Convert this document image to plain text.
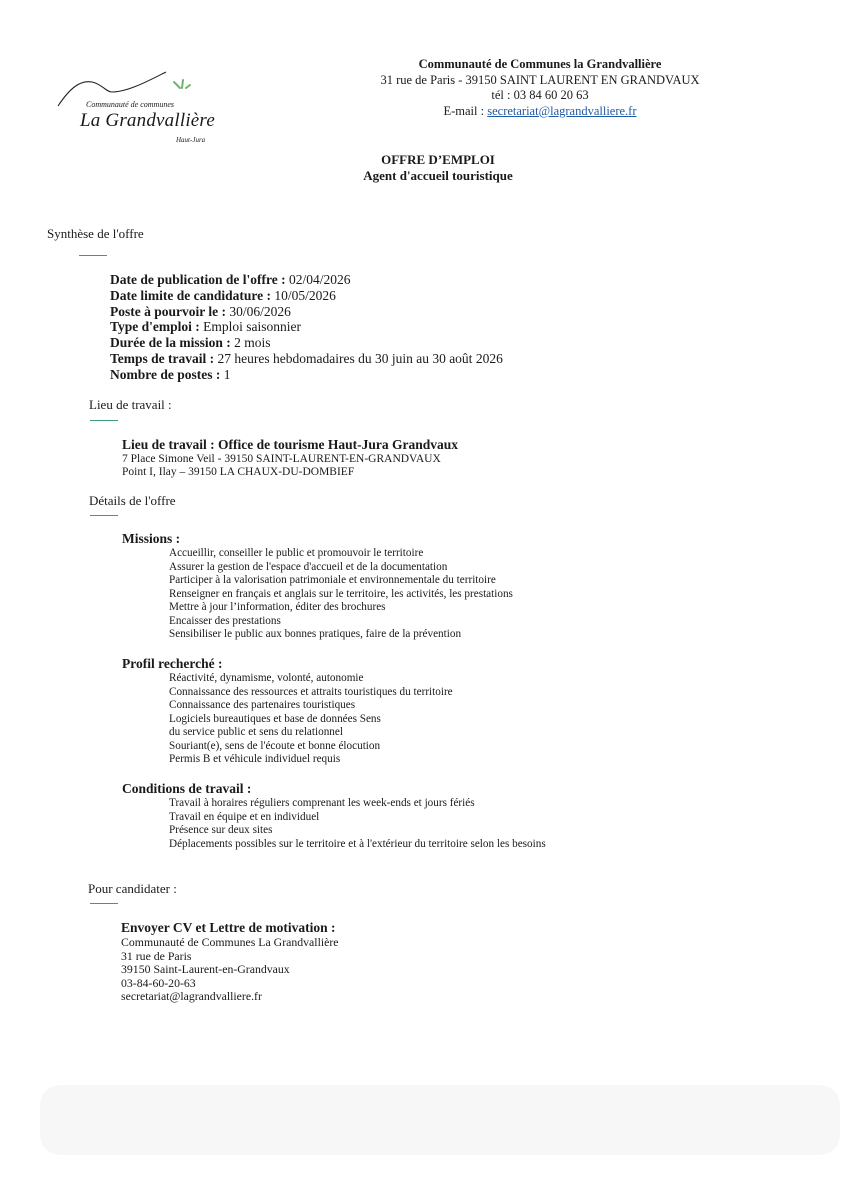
Communauté de communes
La Grandvallière
Haut-Jura
Communauté de Communes la Grandvallière
31 rue de Paris - 39150 SAINT LAURENT EN GRANDVAUX
tél : 03 84 60 20 63
E-mail : secretariat@lagrandvalliere.fr
OFFRE D’EMPLOI
Agent d'accueil touristique
Synthèse de l'offre
Date de publication de l'offre : 02/04/2026
Date limite de candidature : 10/05/2026
Poste à pourvoir le : 30/06/2026
Type d'emploi : Emploi saisonnier
Durée de la mission : 2 mois
Temps de travail : 27 heures hebdomadaires du 30 juin au 30 août 2026
Nombre de postes : 1
Lieu de travail :
Lieu de travail : Office de tourisme Haut-Jura Grandvaux
7 Place Simone Veil - 39150 SAINT-LAURENT-EN-GRANDVAUX
Point I, Ilay – 39150 LA CHAUX-DU-DOMBIEF
Détails de l'offre
Missions :
Accueillir, conseiller le public et promouvoir le territoire
Assurer la gestion de l'espace d'accueil et de la documentation
Participer à la valorisation patrimoniale et environnementale du territoire
Renseigner en français et anglais sur le territoire, les activités, les prestations
Mettre à jour l’information, éditer des brochures
Encaisser des prestations
Sensibiliser le public aux bonnes pratiques, faire de la prévention
Profil recherché :
Réactivité, dynamisme, volonté, autonomie
Connaissance des ressources et attraits touristiques du territoire
Connaissance des partenaires touristiques
Logiciels bureautiques et base de données Sens
du service public et sens du relationnel
Souriant(e), sens de l'écoute et bonne élocution
Permis B et véhicule individuel requis
Conditions de travail :
Travail à horaires réguliers comprenant les week-ends et jours fériés
Travail en équipe et en individuel
Présence sur deux sites
Déplacements possibles sur le territoire et à l'extérieur du territoire selon les besoins
Pour candidater :
Envoyer CV et Lettre de motivation :
Communauté de Communes La Grandvallière
31 rue de Paris
39150 Saint-Laurent-en-Grandvaux
03-84-60-20-63
secretariat@lagrandvalliere.fr
